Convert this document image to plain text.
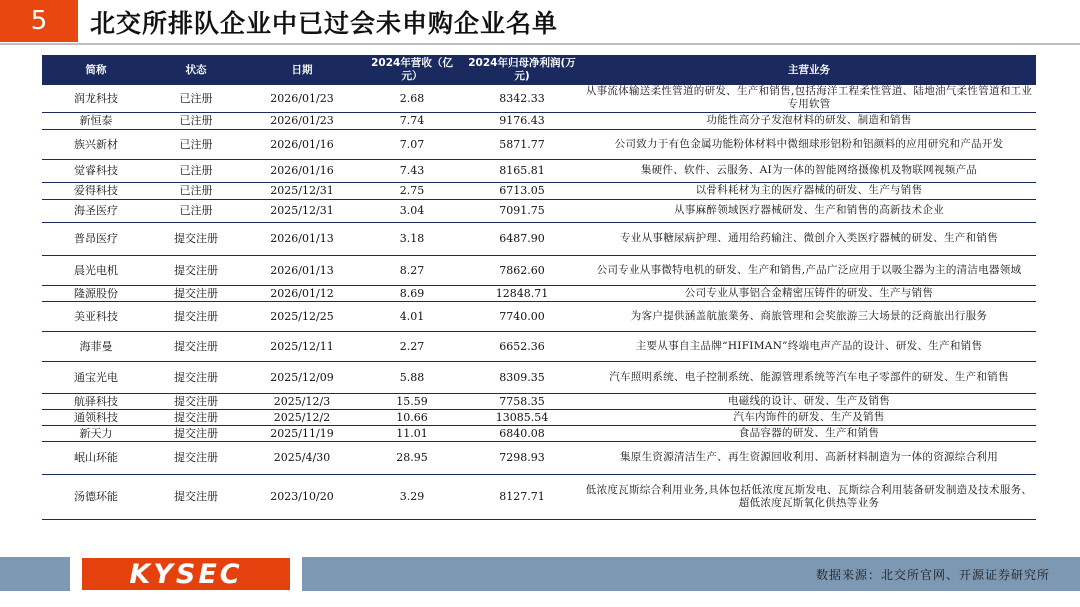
5	北交所排队企业中已过会未申购企业名单
简称	状态	日期	2024年营收（亿元）	2024年归母净利润(万元)	主营业务
润龙科技	已注册	2026/01/23	2.68	8342.33	从事流体输送柔性管道的研发、生产和销售,包括海洋工程柔性管道、陆地油气柔性管道和工业专用软管
新恒泰	已注册	2026/01/23	7.74	9176.43	功能性高分子发泡材料的研发、制造和销售
族兴新材	已注册	2026/01/16	7.07	5871.77	公司致力于有色金属功能粉体材料中微细球形铝粉和铝颜料的应用研究和产品开发
觉睿科技	已注册	2026/01/16	7.43	8165.81	集硬件、软件、云服务、AI为一体的智能网络摄像机及物联网视频产品
爱得科技	已注册	2025/12/31	2.75	6713.05	以骨科耗材为主的医疗器械的研发、生产与销售
海圣医疗	已注册	2025/12/31	3.04	7091.75	从事麻醉领域医疗器械研发、生产和销售的高新技术企业
普昂医疗	提交注册	2026/01/13	3.18	6487.90	专业从事糖尿病护理、通用给药输注、微创介入类医疗器械的研发、生产和销售
晨光电机	提交注册	2026/01/13	8.27	7862.60	公司专业从事微特电机的研发、生产和销售,产品广泛应用于以吸尘器为主的清洁电器领域
隆源股份	提交注册	2026/01/12	8.69	12848.71	公司专业从事铝合金精密压铸件的研发、生产与销售
美亚科技	提交注册	2025/12/25	4.01	7740.00	为客户提供涵盖航旅業务、商旅管理和会奖旅游三大场景的泛商旅出行服务
海菲曼	提交注册	2025/12/11	2.27	6652.36	主要从事自主品牌“HIFIMAN”终端电声产品的设计、研发、生产和销售
通宝光电	提交注册	2025/12/09	5.88	8309.35	汽车照明系统、电子控制系统、能源管理系统等汽车电子零部件的研发、生产和销售
航驿科技	提交注册	2025/12/3	15.59	7758.35	电磁线的设计、研发、生产及销售
通领科技	提交注册	2025/12/2	10.66	13085.54	汽车内饰件的研发、生产及销售
新天力	提交注册	2025/11/19	11.01	6840.08	食品容器的研发、生产和销售
岷山环能	提交注册	2025/4/30	28.95	7298.93	集原生资源清洁生产、再生资源回收利用、高新材料制造为一体的资源综合利用
汤德环能	提交注册	2023/10/20	3.29	8127.71	低浓度瓦斯综合利用业务,具体包括低浓度瓦斯发电、瓦斯综合利用装备研发制造及技术服务、超低浓度瓦斯氧化供热等业务
KYSEC	数据来源：北交所官网、开源证券研究所
